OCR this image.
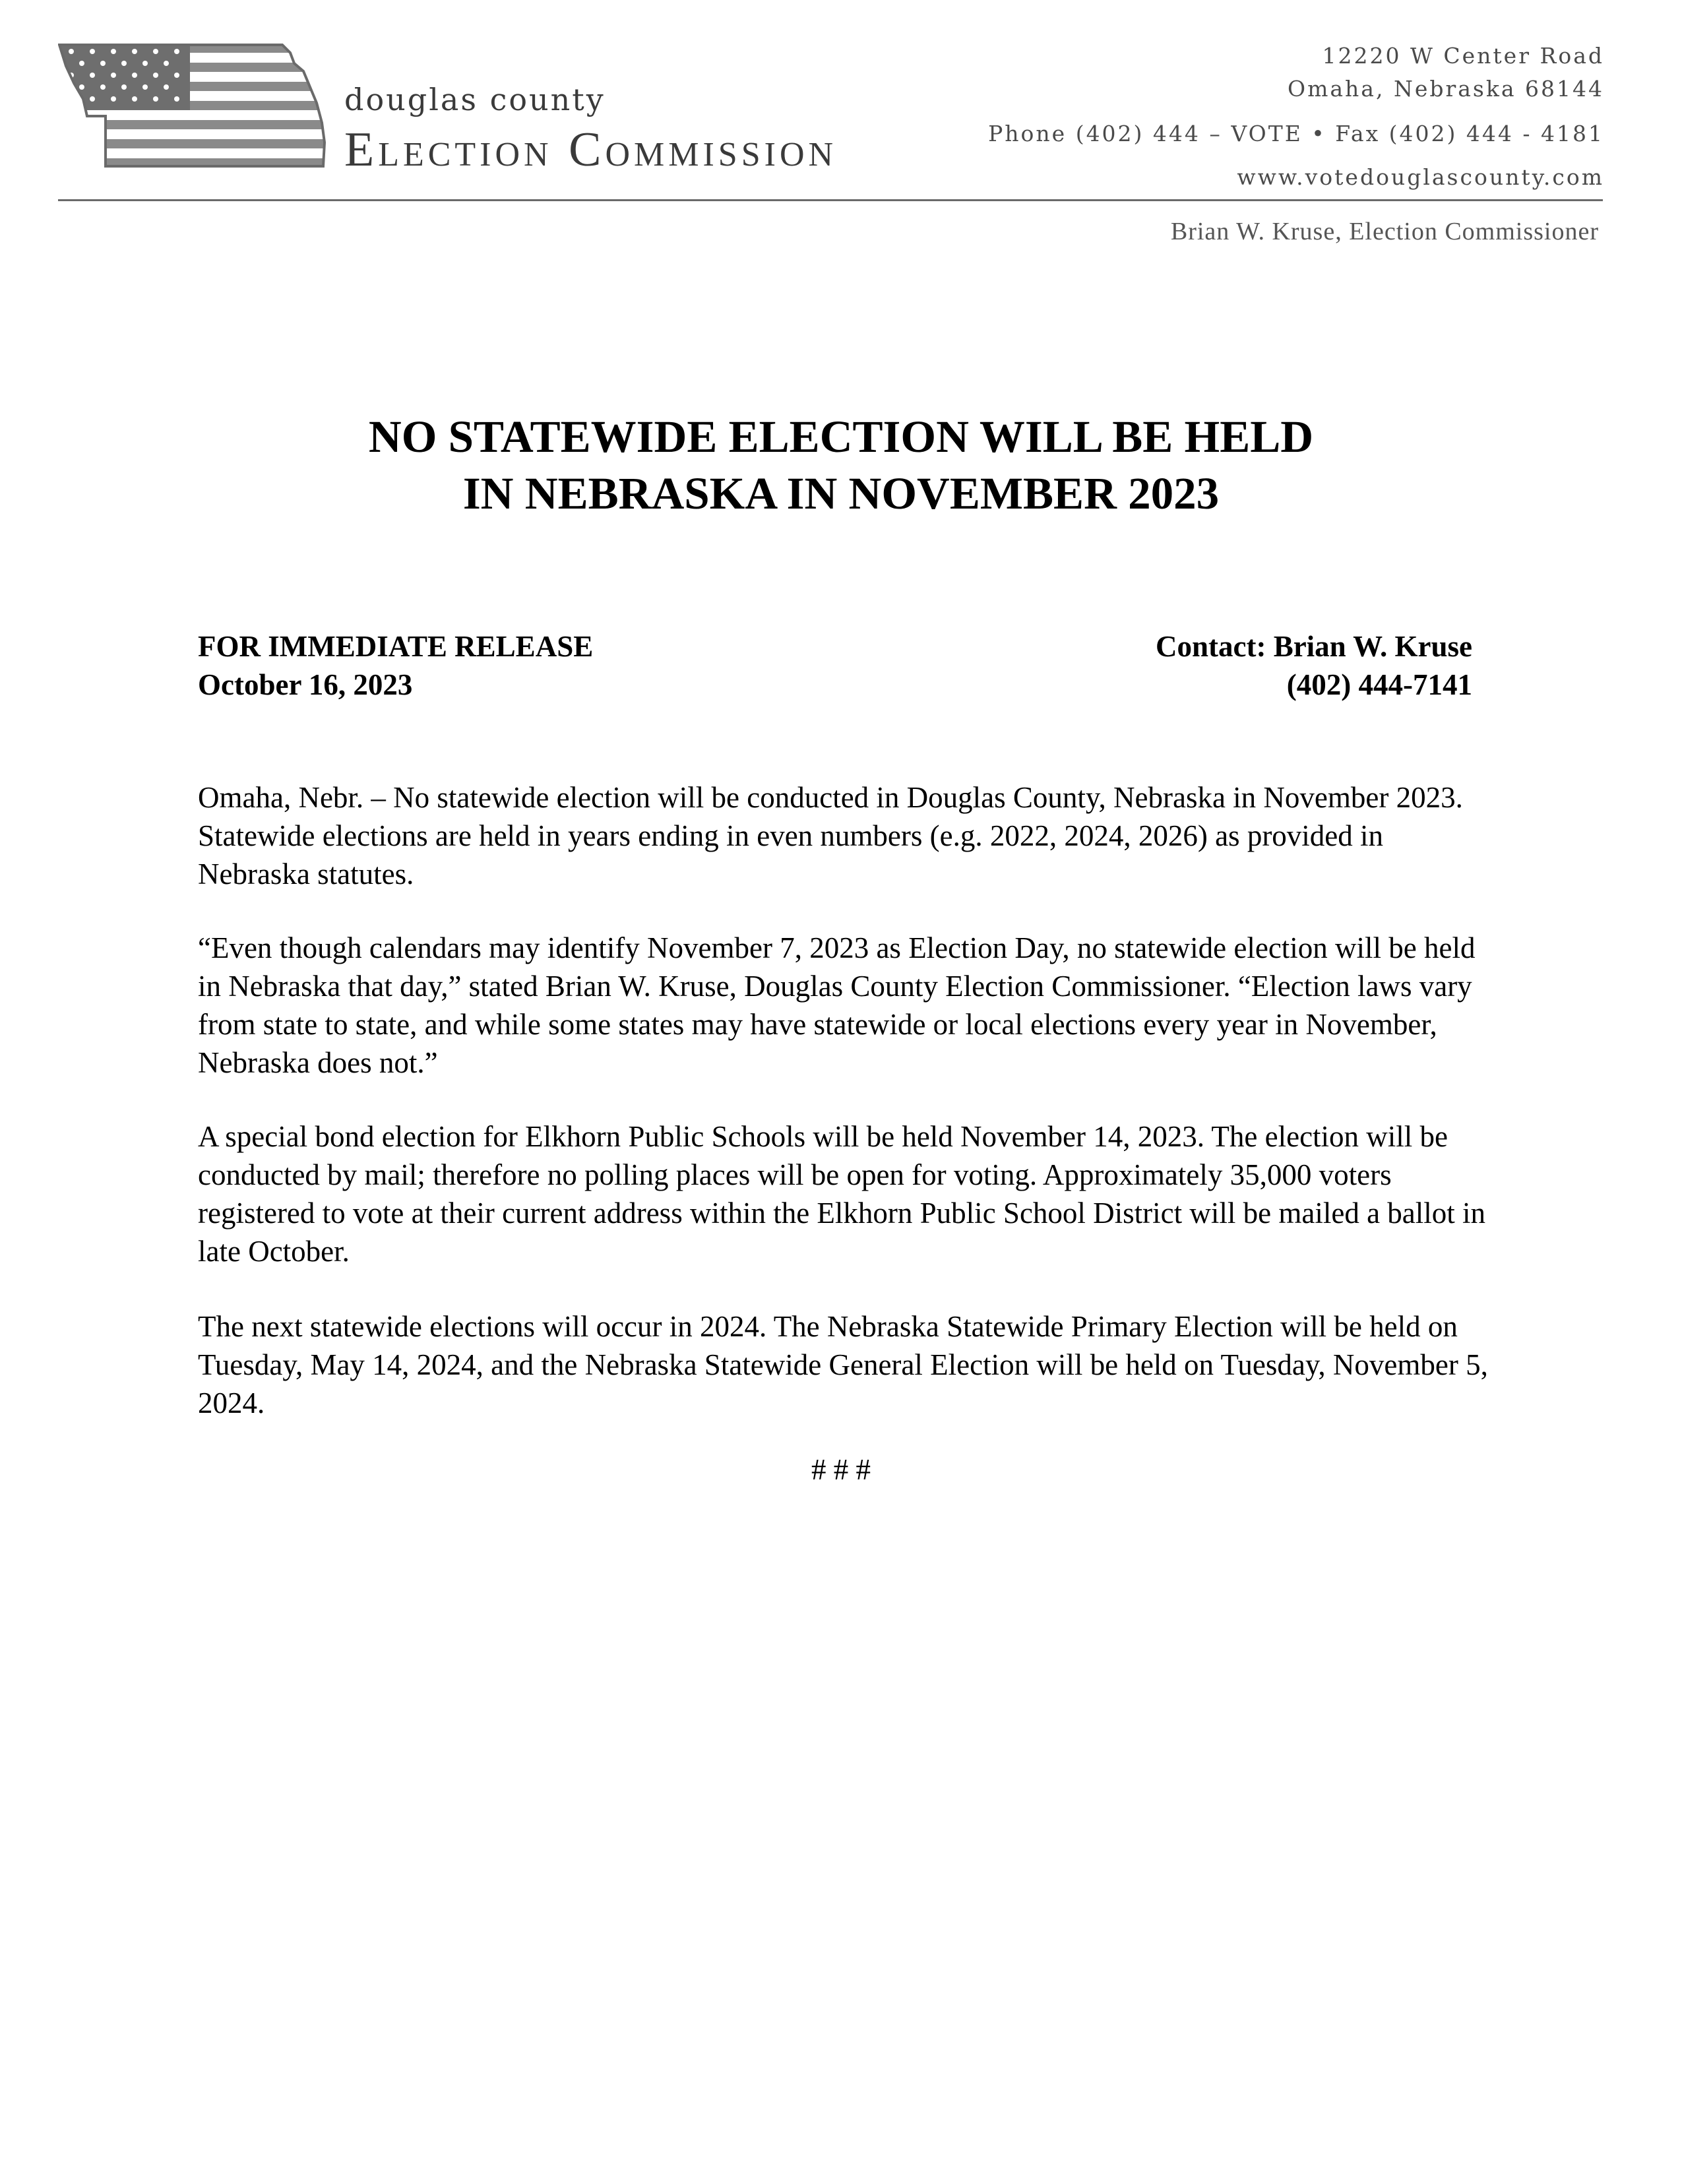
douglas county
Election Commission
12220 W Center Road
Omaha, Nebraska 68144
Phone (402) 444 – VOTE • Fax (402) 444 - 4181
www.votedouglascounty.com
Brian W. Kruse, Election Commissioner
NO STATEWIDE ELECTION WILL BE HELD
IN NEBRASKA IN NOVEMBER 2023
FOR IMMEDIATE RELEASE
October 16, 2023
Contact: Brian W. Kruse
(402) 444-7141
Omaha, Nebr. – No statewide election will be conducted in Douglas County, Nebraska in November 2023. Statewide elections are held in years ending in even numbers (e.g. 2022, 2024, 2026) as provided in Nebraska statutes.
“Even though calendars may identify November 7, 2023 as Election Day, no statewide election will be held in Nebraska that day,” stated Brian W. Kruse, Douglas County Election Commissioner. “Election laws vary from state to state, and while some states may have statewide or local elections every year in November, Nebraska does not.”
A special bond election for Elkhorn Public Schools will be held November 14, 2023. The election will be conducted by mail; therefore no polling places will be open for voting. Approximately 35,000 voters registered to vote at their current address within the Elkhorn Public School District will be mailed a ballot in late October.
The next statewide elections will occur in 2024. The Nebraska Statewide Primary Election will be held on Tuesday, May 14, 2024, and the Nebraska Statewide General Election will be held on Tuesday, November 5, 2024.
# # #
